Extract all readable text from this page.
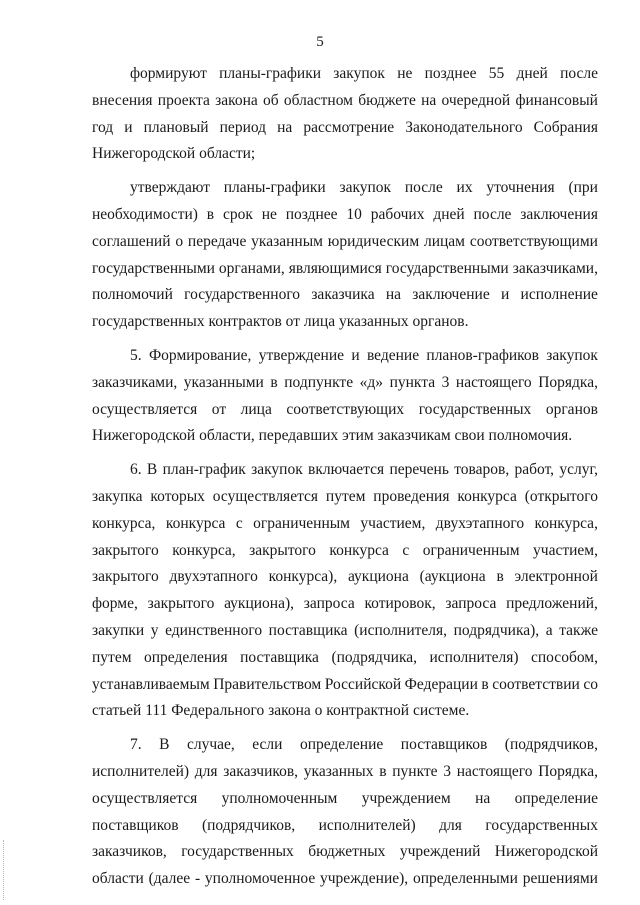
5
формируют планы-графики закупок не позднее 55 дней после
внесения проекта закона об областном бюджете на очередной финансовый
год и плановый период на рассмотрение Законодательного Собрания
Нижегородской области;
утверждают планы-графики закупок после их уточнения (при
необходимости) в срок не позднее 10 рабочих дней после заключения
соглашений о передаче указанным юридическим лицам соответствующими
государственными органами, являющимися государственными заказчиками,
полномочий государственного заказчика на заключение и исполнение
государственных контрактов от лица указанных органов.
5. Формирование, утверждение и ведение планов-графиков закупок
заказчиками, указанными в подпункте «д» пункта 3 настоящего Порядка,
осуществляется от лица соответствующих государственных органов
Нижегородской области, передавших этим заказчикам свои полномочия.
6. В план-график закупок включается перечень товаров, работ, услуг,
закупка которых осуществляется путем проведения конкурса (открытого
конкурса, конкурса с ограниченным участием, двухэтапного конкурса,
закрытого конкурса, закрытого конкурса с ограниченным участием,
закрытого двухэтапного конкурса), аукциона (аукциона в электронной
форме, закрытого аукциона), запроса котировок, запроса предложений,
закупки у единственного поставщика (исполнителя, подрядчика), а также
путем определения поставщика (подрядчика, исполнителя) способом,
устанавливаемым Правительством Российской Федерации в соответствии со
статьей 111 Федерального закона о контрактной системе.
7. В случае, если определение поставщиков (подрядчиков,
исполнителей) для заказчиков, указанных в пункте 3 настоящего Порядка,
осуществляется уполномоченным учреждением на определение
поставщиков (подрядчиков, исполнителей) для государственных
заказчиков, государственных бюджетных учреждений Нижегородской
области (далее - уполномоченное учреждение), определенными решениями
